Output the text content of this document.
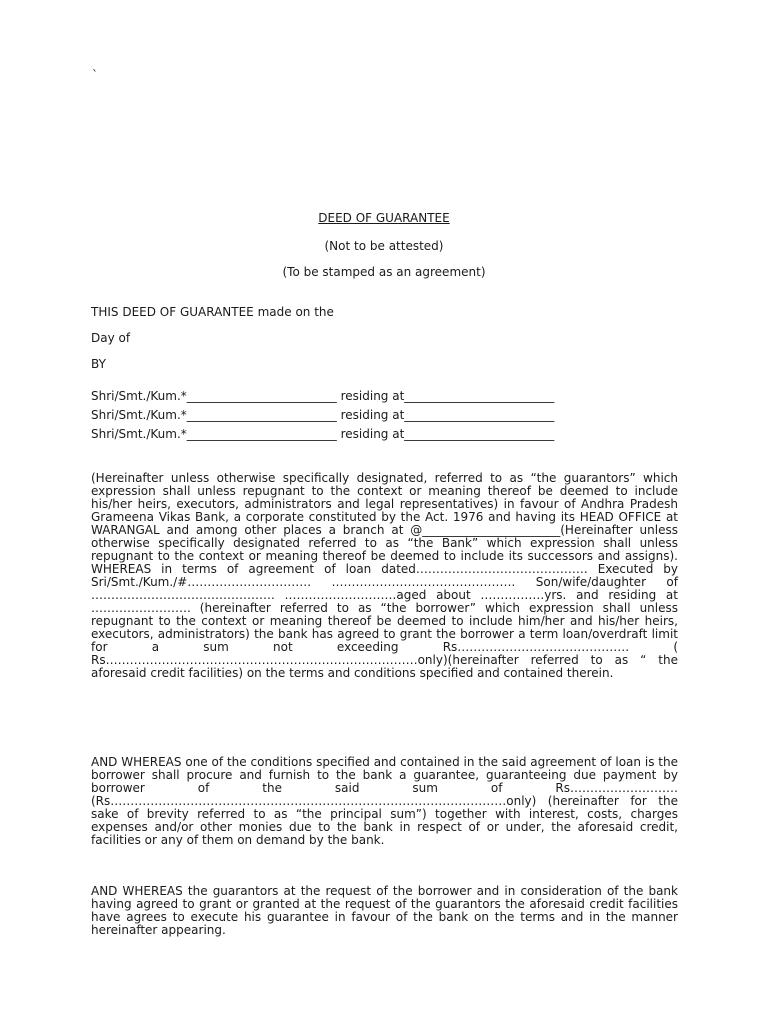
`
DEED OF GUARANTEE
(Not to be attested)
(To be stamped as an agreement)
THIS DEED OF GUARANTEE made on the
Day of
BY
Shri/Smt./Kum.*_________________________ residing at_________________________
Shri/Smt./Kum.*_________________________ residing at_________________________
Shri/Smt./Kum.*_________________________ residing at_________________________

(Hereinafter unless otherwise specifically designated, referred to as “the guarantors” which expression shall unless repugnant to the context or meaning thereof be deemed to include his/her heirs, executors, administrators and legal representatives) in favour of Andhra Pradesh Grameena Vikas Bank, a corporate constituted by the Act. 1976 and having its HEAD OFFICE at WARANGAL and among other places a branch at @_______________________(Hereinafter unless otherwise specifically designated referred to as “the Bank” which expression shall unless repugnant to the context or meaning thereof be deemed to include its successors and assigns). WHEREAS in terms of agreement of loan dated……………………………………. Executed by Sri/Smt./Kum./#…………………………. ………………………………………. Son/wife/daughter of ………………………………………. ……………………….aged about …………….yrs. and residing at ……………………. (hereinafter referred to as “the borrower” which expression shall unless repugnant to the context or meaning thereof be deemed to include him/her and his/her heirs, executors, administrators) the bank has agreed to grant the borrower a term loan/overdraft limit for a sum not exceeding Rs……………………………………. ( Rs……………………………………………………………………only)(hereinafter referred to as “ the aforesaid credit facilities) on the terms and conditions specified and contained therein.

AND WHEREAS one of the conditions specified and contained in the said agreement of loan is the borrower shall procure and furnish to the bank a guarantee, guaranteeing due payment by borrower of the said sum of Rs……………………… (Rs………………………………………………………………………………………only) (hereinafter for the sake of brevity referred to as “the principal sum”) together with interest, costs, charges expenses and/or other monies due to the bank in respect of or under, the aforesaid credit, facilities or any of them on demand by the bank.

AND WHEREAS the guarantors at the request of the borrower and in consideration of the bank having agreed to grant or granted at the request of the guarantors the aforesaid credit facilities have agrees to execute his guarantee in favour of the bank on the terms and in the manner hereinafter appearing.
